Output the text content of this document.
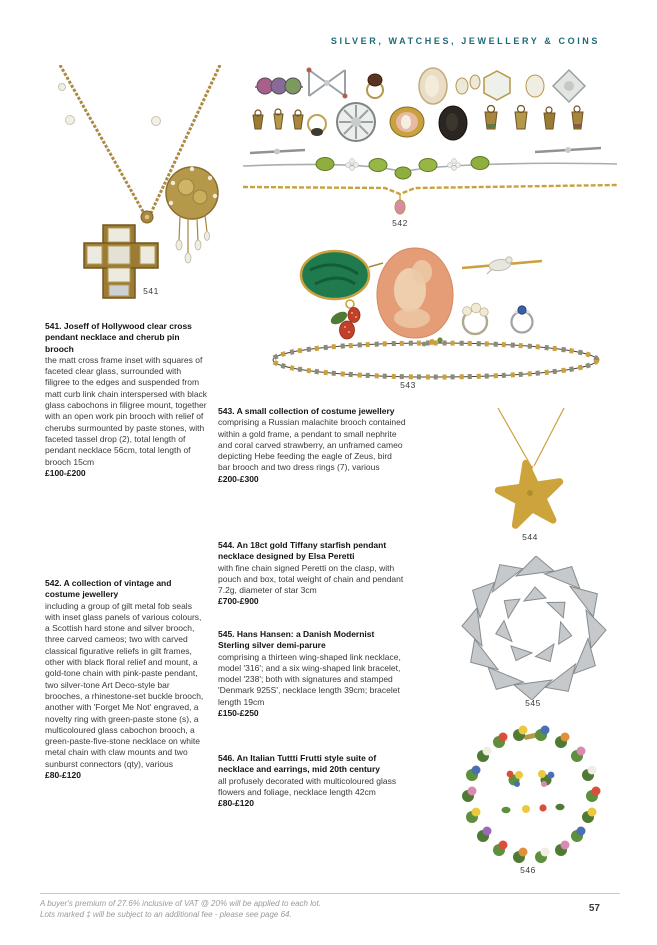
SILVER, WATCHES, JEWELLERY & COINS
541
542
543
544
545
546
541. Joseff of Hollywood clear cross pendant necklace and cherub pin brooch

the matt cross frame inset with squares of faceted clear glass, surrounded with filigree to the edges and suspended from matt curb link chain interspersed with black glass cabochons in filigree mount, together with an open work pin brooch with relief of cherubs surmounted by paste stones, with faceted tassel drop (2), total length of pendant necklace 56cm, total length of brooch 15cm

£100-£200
542. A collection of vintage and costume jewellery

including a group of gilt metal fob seals with inset glass panels of various colours, a Scottish hard stone and silver brooch, three carved cameos; two with carved classical figurative reliefs in gilt frames, other with black floral relief and mount, a gold-tone chain with pink-paste pendant, two silver-tone Art Deco-style bar brooches, a rhinestone-set buckle brooch, another with 'Forget Me Not' engraved, a novelty ring with green-paste stone (s), a multicoloured glass cabochon brooch, a green-paste-five-stone necklace on white metal chain with claw mounts and two sunburst connectors (qty), various

£80-£120
543. A small collection of costume jewellery

comprising a Russian malachite brooch contained within a gold frame, a pendant to small nephrite and coral carved strawberry, an unframed cameo depicting Hebe feeding the eagle of Zeus, bird bar brooch and two dress rings (7), various

£200-£300
544. An 18ct gold Tiffany starfish pendant necklace designed by Elsa Peretti

with fine chain signed Peretti on the clasp, with pouch and box, total weight of chain and pendant 7.2g, diameter of star 3cm

£700-£900
545. Hans Hansen: a Danish Modernist Sterling silver demi-parure

comprising a thirteen wing-shaped link necklace, model '316'; and a six wing-shaped link bracelet, model '238'; both with signatures and stamped 'Denmark 925S', necklace length 39cm; bracelet length 19cm

£150-£250
546. An Italian Tuttti Frutti style suite of necklace and earrings, mid 20th century

all profusely decorated with multicoloured glass flowers and foliage, necklace length 42cm

£80-£120
A buyer's premium of 27.6% inclusive of VAT @ 20% will be applied to each lot.
Lots marked ‡ will be subject to an additional fee - please see page 64.
57
